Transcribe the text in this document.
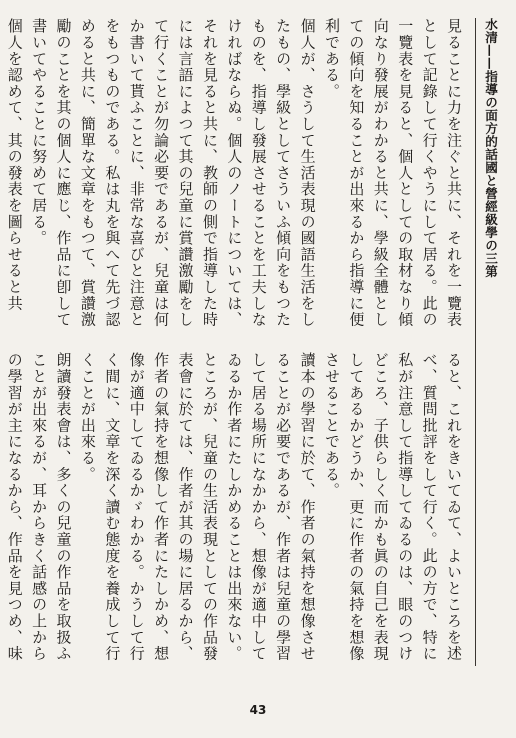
水清——指導の面方的話國と營經級學の三第

見ることに力を注ぐと共に、それを一覽表として記錄して行くやうにして居る。此の一覽表を見ると、個人としての取材なり傾向なり發展がわかると共に、學級全體としての傾向を知ることが出來るから指導に便利である。

個人が、さうして生活表現の國語生活をしたもの、學級としてさういふ傾向をもつたものを、指導し發展させることを工夫しなければならぬ。個人のノートについては、それを見ると共に、教師の側で指導した時には言語によつて其の兒童に賞讚激勵をして行くことが勿論必要であるが、兒童は何か書いて貰ふことに、非常な喜びと注意とをもつものである。私は丸を與へて先づ認めると共に、簡單な文章をもつて、賞讚激勵のことを其の個人に應じ、作品に卽して書いてやることに努めて居る。

個人を認めて、其の發表を圖らせると共

ると、これをきいてゐて、よいところを述べ、質問批評をして行く。此の方で、特に私が注意して指導してゐるのは、眼のつけどころ、子供らしく而かも眞の自己を表現してあるかどうか、更に作者の氣持を想像させることである。

讀本の學習に於て、作者の氣持を想像させることが必要であるが、作者は兒童の學習して居る場所になかから、想像が適中してゐるか作者にたしかめることは出來ない。ところが、兒童の生活表現としての作品發表會に於ては、作者が其の場に居るから、作者の氣持を想像して作者にたしかめ、想像が適中してゐるかゞわかる。かうして行く間に、文章を深く讀む態度を養成して行くことが出來る。

朗讀發表會は、多くの兒童の作品を取扱ふことが出來るが、耳からきく話感の上からの學習が主になるから、作品を見つめ、味

43
